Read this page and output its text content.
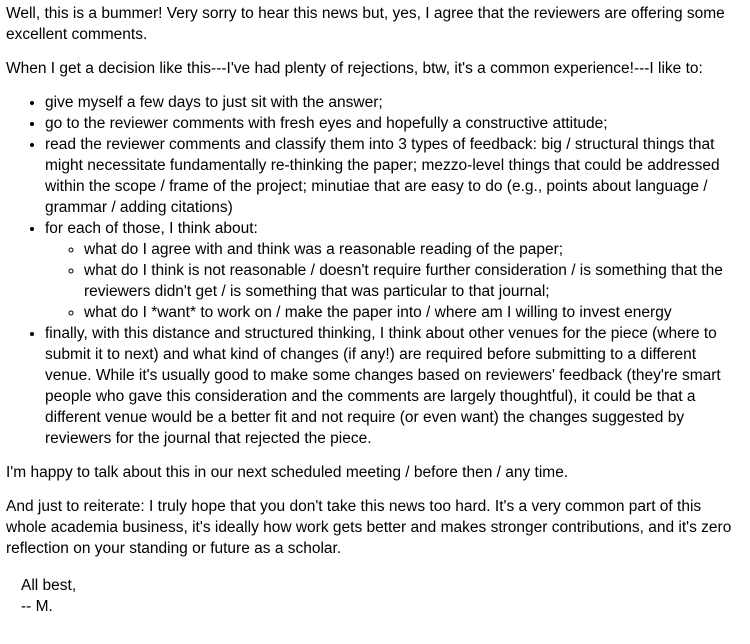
Well, this is a bummer! Very sorry to hear this news but, yes, I agree that the reviewers are offering some excellent comments.

When I get a decision like this---I've had plenty of rejections, btw, it's a common experience!---I like to:

• give myself a few days to just sit with the answer;
• go to the reviewer comments with fresh eyes and hopefully a constructive attitude;
• read the reviewer comments and classify them into 3 types of feedback: big / structural things that might necessitate fundamentally re-thinking the paper; mezzo-level things that could be addressed within the scope / frame of the project; minutiae that are easy to do (e.g., points about language / grammar / adding citations)
• for each of those, I think about:
◦ what do I agree with and think was a reasonable reading of the paper;
◦ what do I think is not reasonable / doesn't require further consideration / is something that the reviewers didn't get / is something that was particular to that journal;
◦ what do I *want* to work on / make the paper into / where am I willing to invest energy
• finally, with this distance and structured thinking, I think about other venues for the piece (where to submit it to next) and what kind of changes (if any!) are required before submitting to a different venue. While it's usually good to make some changes based on reviewers' feedback (they're smart people who gave this consideration and the comments are largely thoughtful), it could be that a different venue would be a better fit and not require (or even want) the changes suggested by reviewers for the journal that rejected the piece.

I'm happy to talk about this in our next scheduled meeting / before then / any time.

And just to reiterate: I truly hope that you don't take this news too hard. It's a very common part of this whole academia business, it's ideally how work gets better and makes stronger contributions, and it's zero reflection on your standing or future as a scholar.

All best,
-- M.
